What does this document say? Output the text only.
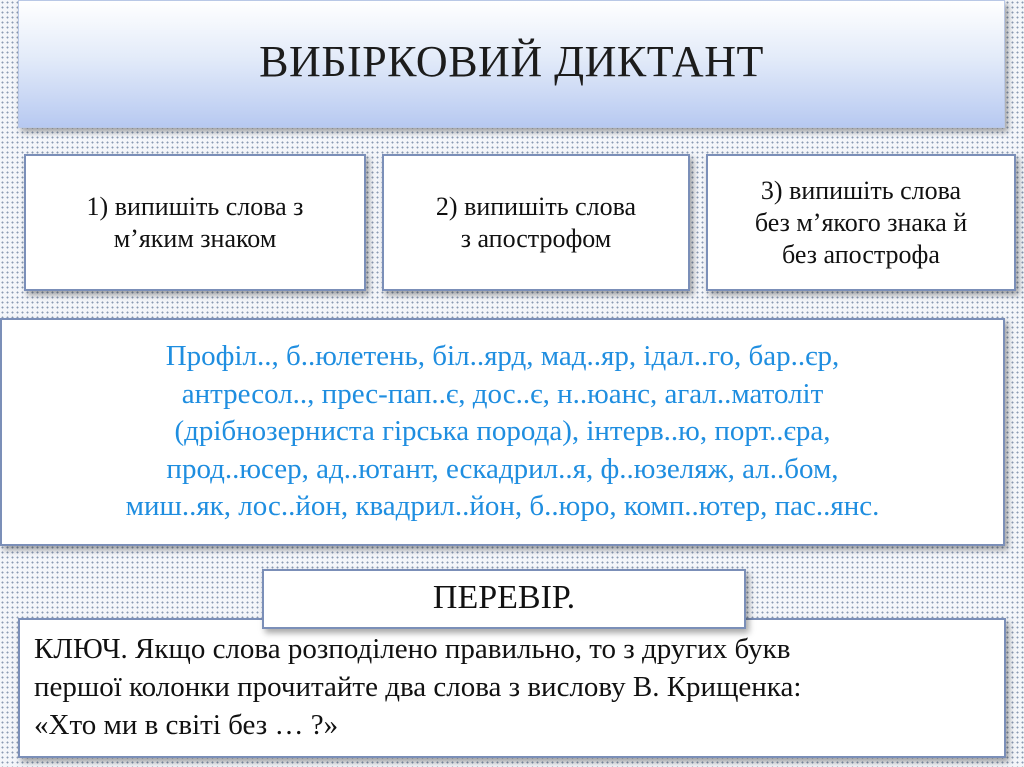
ВИБІРКОВИЙ ДИКТАНТ
1) випишіть слова з
м’яким знаком
2) випишіть слова
з апострофом
3) випишіть слова
без м’якого знака й
без апострофа
Профіл.., б..юлетень, біл..ярд, мад..яр, ідал..го, бар..єр,
антресол.., прес-пап..є, дос..є, н..юанс, агал..матоліт
(дрібнозерниста гірська порода), інтерв..ю, порт..єра,
прод..юсер, ад..ютант, ескадрил..я, ф..юзеляж, ал..бом,
миш..як, лос..йон, квадрил..йон, б..юро, комп..ютер, пас..янс.
КЛЮЧ. Якщо слова розподілено правильно, то з других букв
першої колонки прочитайте два слова з вислову В. Крищенка:
«Хто ми в світі без … ?»
ПЕРЕВІР.
